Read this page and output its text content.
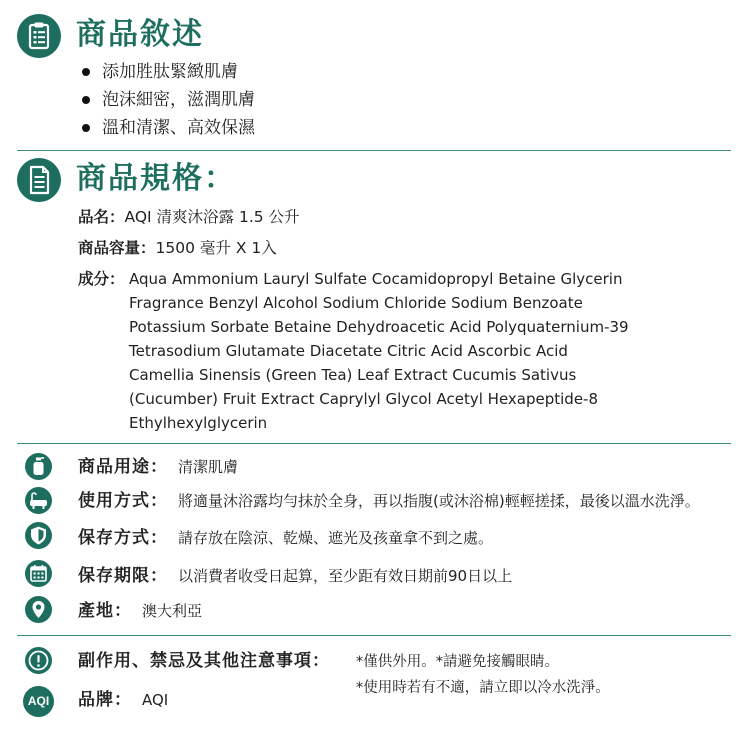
商品敘述
添加胜肽緊緻肌膚
泡沫細密，滋潤肌膚
溫和清潔、高效保濕
商品規格：
品名：AQI 清爽沐浴露 1.5 公升
商品容量：1500 毫升 X 1入
成分： Aqua Ammonium Lauryl Sulfate Cocamidopropyl Betaine Glycerin
Fragrance Benzyl Alcohol Sodium Chloride Sodium Benzoate
Potassium Sorbate Betaine Dehydroacetic Acid Polyquaternium-39
Tetrasodium Glutamate Diacetate Citric Acid Ascorbic Acid
Camellia Sinensis (Green Tea) Leaf Extract Cucumis Sativus
(Cucumber) Fruit Extract Caprylyl Glycol Acetyl Hexapeptide-8
Ethylhexylglycerin
商品用途： 清潔肌膚
使用方式： 將適量沐浴露均勻抹於全身，再以指腹(或沐浴棉)輕輕搓揉，最後以溫水洗淨。
保存方式： 請存放在陰涼、乾燥、遮光及孩童拿不到之處。
保存期限： 以消費者收受日起算，至少距有效日期前90日以上
產地： 澳大利亞
副作用、禁忌及其他注意事項： *僅供外用。*請避免接觸眼睛。
*使用時若有不適，請立即以冷水洗淨。
AQI 品牌： AQI
